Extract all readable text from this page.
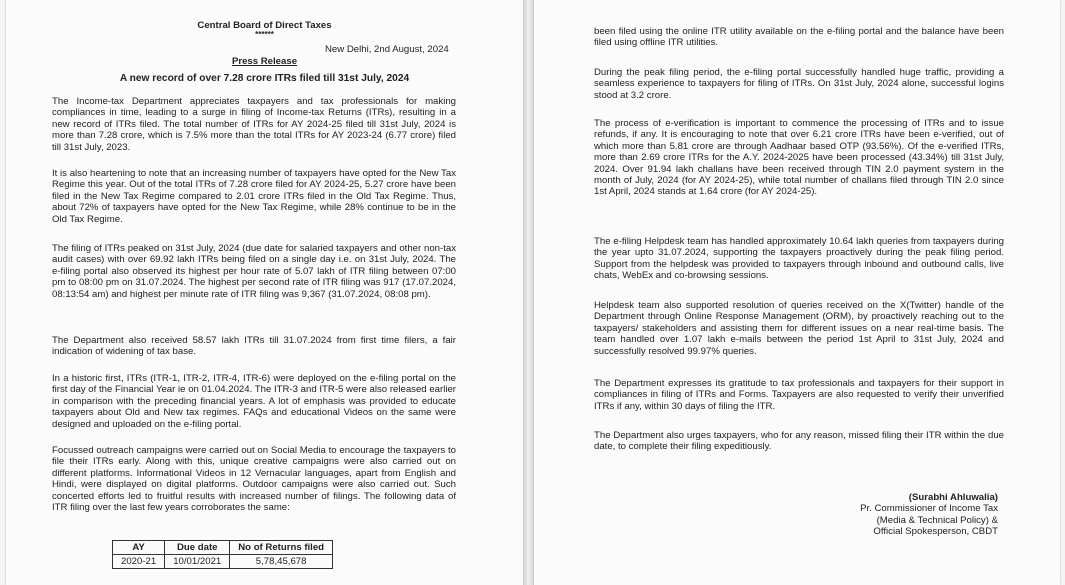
Central Board of Direct Taxes

******

New Delhi, 2nd August, 2024

Press Release

A new record of over 7.28 crore ITRs filed till 31st July, 2024

The Income-tax Department appreciates taxpayers and tax professionals for making compliances in time, leading to a surge in filing of Income-tax Returns (ITRs), resulting in a new record of ITRs filed. The total number of ITRs for AY 2024-25 filed till 31st July, 2024 is more than 7.28 crore, which is 7.5% more than the total ITRs for AY 2023-24 (6.77 crore) filed till 31st July, 2023.

It is also heartening to note that an increasing number of taxpayers have opted for the New Tax Regime this year. Out of the total ITRs of 7.28 crore filed for AY 2024-25, 5.27 crore have been filed in the New Tax Regime compared to 2.01 crore ITRs filed in the Old Tax Regime. Thus, about 72% of taxpayers have opted for the New Tax Regime, while 28% continue to be in the Old Tax Regime.

The filing of ITRs peaked on 31st July, 2024 (due date for salaried taxpayers and other non-tax audit cases) with over 69.92 lakh ITRs being filed on a single day i.e. on 31st July, 2024. The e-filing portal also observed its highest per hour rate of 5.07 lakh of ITR filing between 07:00 pm to 08:00 pm on 31.07.2024. The highest per second rate of ITR filing was 917 (17.07.2024, 08:13:54 am) and highest per minute rate of ITR filing was 9,367 (31.07.2024, 08:08 pm).

The Department also received 58.57 lakh ITRs till 31.07.2024 from first time filers, a fair indication of widening of tax base.

In a historic first, ITRs (ITR-1, ITR-2, ITR-4, ITR-6) were deployed on the e-filing portal on the first day of the Financial Year ie on 01.04.2024. The ITR-3 and ITR-5 were also released earlier in comparison with the preceding financial years. A lot of emphasis was provided to educate taxpayers about Old and New tax regimes. FAQs and educational Videos on the same were designed and uploaded on the e-filing portal.

Focussed outreach campaigns were carried out on Social Media to encourage the taxpayers to file their ITRs early. Along with this, unique creative campaigns were also carried out on different platforms. Informational Videos in 12 Vernacular languages, apart from English and Hindi, were displayed on digital platforms. Outdoor campaigns were also carried out. Such concerted efforts led to fruitful results with increased number of filings. The following data of ITR filing over the last few years corroborates the same:

AY	Due date	No of Returns filed
2020-21	10/01/2021	5,78,45,678

been filed using the online ITR utility available on the e-filing portal and the balance have been filed using offline ITR utilities.

During the peak filing period, the e-filing portal successfully handled huge traffic, providing a seamless experience to taxpayers for filing of ITRs. On 31st July, 2024 alone, successful logins stood at 3.2 crore.

The process of e-verification is important to commence the processing of ITRs and to issue refunds, if any. It is encouraging to note that over 6.21 crore ITRs have been e-verified, out of which more than 5.81 crore are through Aadhaar based OTP (93.56%). Of the e-verified ITRs, more than 2.69 crore ITRs for the A.Y. 2024-2025 have been processed (43.34%) till 31st July, 2024. Over 91.94 lakh challans have been received through TIN 2.0 payment system in the month of July, 2024 (for AY 2024-25), while total number of challans filed through TIN 2.0 since 1st April, 2024 stands at 1.64 crore (for AY 2024-25).

The e-filing Helpdesk team has handled approximately 10.64 lakh queries from taxpayers during the year upto 31.07.2024, supporting the taxpayers proactively during the peak filing period. Support from the helpdesk was provided to taxpayers through inbound and outbound calls, live chats, WebEx and co-browsing sessions.

Helpdesk team also supported resolution of queries received on the X(Twitter) handle of the Department through Online Response Management (ORM), by proactively reaching out to the taxpayers/ stakeholders and assisting them for different issues on a near real-time basis. The team handled over 1.07 lakh e-mails between the period 1st April to 31st July, 2024 and successfully resolved 99.97% queries.

The Department expresses its gratitude to tax professionals and taxpayers for their support in compliances in filing of ITRs and Forms. Taxpayers are also requested to verify their unverified ITRs if any, within 30 days of filing the ITR.

The Department also urges taxpayers, who for any reason, missed filing their ITR within the due date, to complete their filing expeditiously.

(Surabhi Ahluwalia)

Pr. Commissioner of Income Tax

(Media & Technical Policy) &

Official Spokesperson, CBDT
